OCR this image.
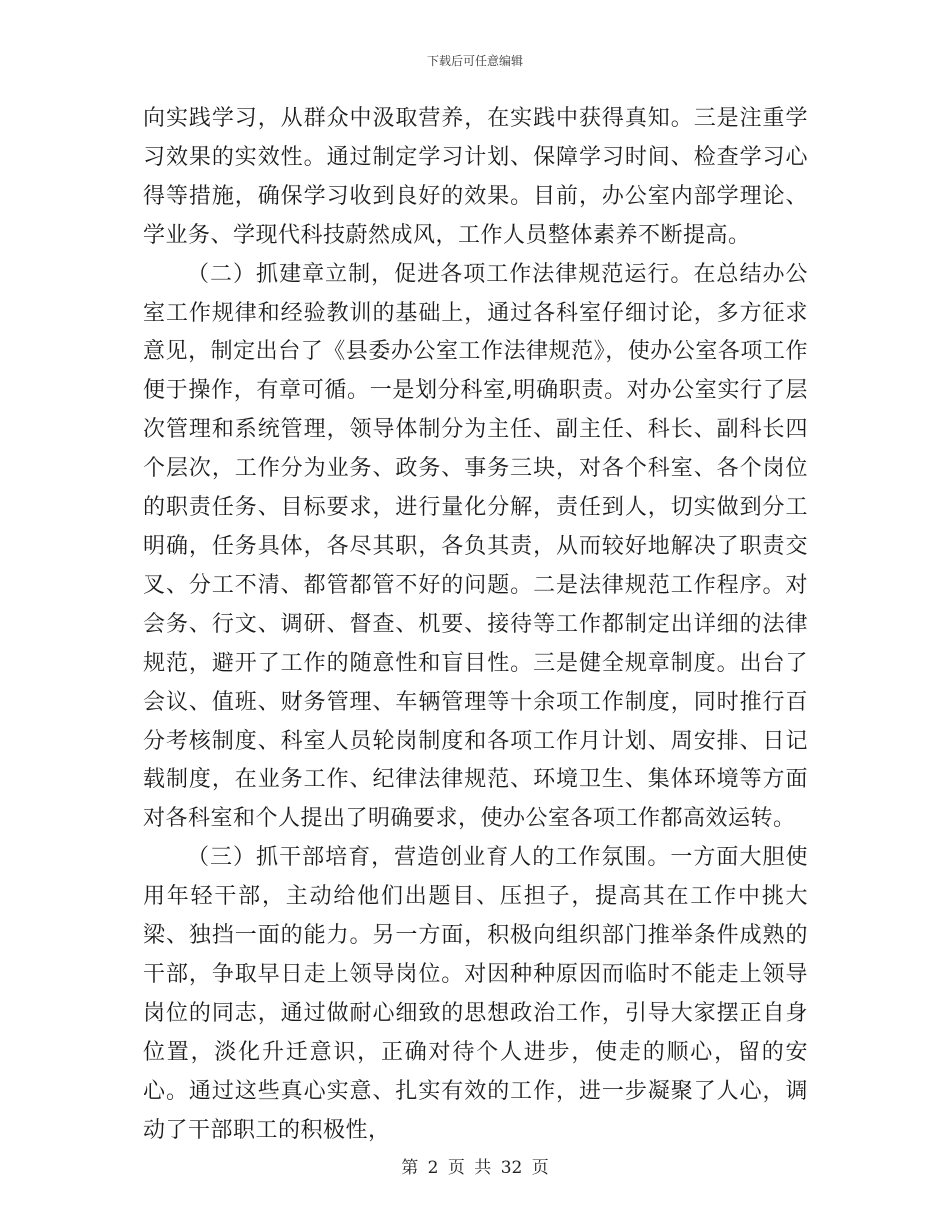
下载后可任意编辑

向实践学习，从群众中汲取营养，在实践中获得真知。三是注重学习效果的实效性。通过制定学习计划、保障学习时间、检查学习心得等措施，确保学习收到良好的效果。目前，办公室内部学理论、学业务、学现代科技蔚然成风，工作人员整体素养不断提高。

（二）抓建章立制，促进各项工作法律规范运行。在总结办公室工作规律和经验教训的基础上，通过各科室仔细讨论，多方征求意见，制定出台了《县委办公室工作法律规范》，使办公室各项工作便于操作，有章可循。一是划分科室,明确职责。对办公室实行了层次管理和系统管理，领导体制分为主任、副主任、科长、副科长四个层次，工作分为业务、政务、事务三块，对各个科室、各个岗位的职责任务、目标要求，进行量化分解，责任到人，切实做到分工明确，任务具体，各尽其职，各负其责，从而较好地解决了职责交叉、分工不清、都管都管不好的问题。二是法律规范工作程序。对会务、行文、调研、督查、机要、接待等工作都制定出详细的法律规范，避开了工作的随意性和盲目性。三是健全规章制度。出台了会议、值班、财务管理、车辆管理等十余项工作制度，同时推行百分考核制度、科室人员轮岗制度和各项工作月计划、周安排、日记载制度，在业务工作、纪律法律规范、环境卫生、集体环境等方面对各科室和个人提出了明确要求，使办公室各项工作都高效运转。

（三）抓干部培育，营造创业育人的工作氛围。一方面大胆使用年轻干部，主动给他们出题目、压担子，提高其在工作中挑大梁、独挡一面的能力。另一方面，积极向组织部门推举条件成熟的干部，争取早日走上领导岗位。对因种种原因而临时不能走上领导岗位的同志，通过做耐心细致的思想政治工作，引导大家摆正自身位置，淡化升迁意识，正确对待个人进步，使走的顺心，留的安心。通过这些真心实意、扎实有效的工作，进一步凝聚了人心，调动了干部职工的积极性，

第 2 页 共 32 页
